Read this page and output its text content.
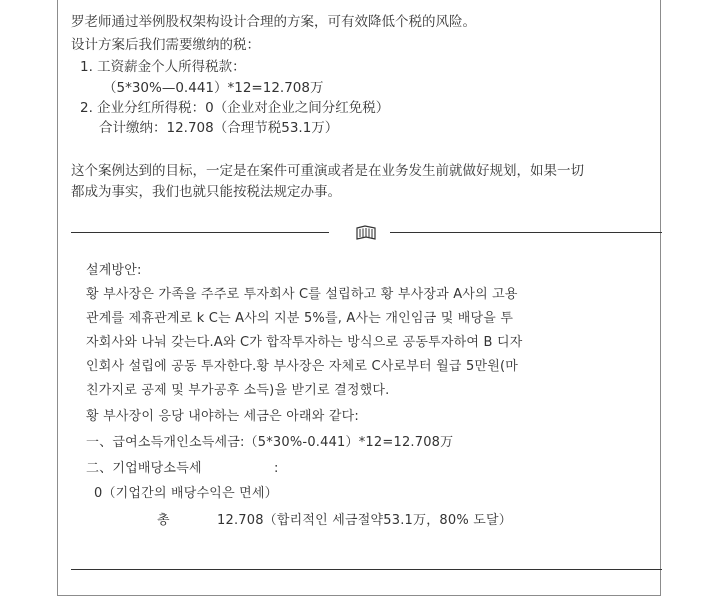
罗老师通过举例股权架构设计合理的方案，可有效降低个税的风险。
设计方案后我们需要缴纳的税：
1. 工资薪金个人所得税款：
（5*30%—0.441）*12=12.708万
2. 企业分红所得税：0（企业对企业之间分红免税）
合计缴纳：12.708（合理节税53.1万）
这个案例达到的目标，一定是在案件可重演或者是在业务发生前就做好规划，如果一切
都成为事实，我们也就只能按税法规定办事。
설계방안:
황 부사장은 가족을 주주로 투자회사 C를 설립하고 황 부사장과 A사의 고용
관계를 제휴관계로 k C는 A사의 지분 5%를, A사는 개인임금 및 배당을 투
자회사와 나눠 갖는다.A와 C가 합작투자하는 방식으로 공동투자하여 B 디자
인회사 설립에 공동 투자한다.황 부사장은 자체로 C사로부터 월급 5만원(마
친가지로 공제 및 부가공후 소득)을 받기로 결정했다.
황 부사장이 응당 내야하는 세금은 아래와 같다:
一、급여소득개인소득세금:（5*30%-0.441）*12=12.708万
二、기업배당소득세	:
0（기업간의 배당수익은 면세）
총	12.708（합리적인 세금절약53.1万，80% 도달）
